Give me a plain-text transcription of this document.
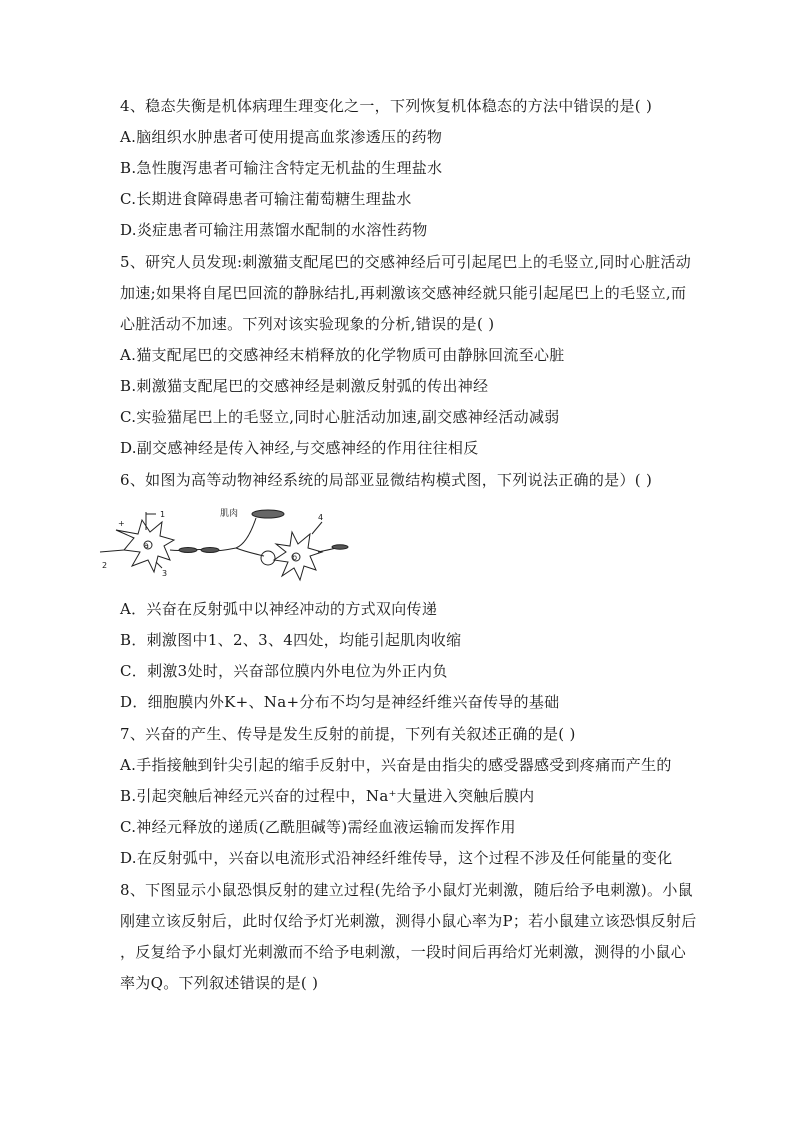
4、稳态失衡是机体病理生理变化之一，下列恢复机体稳态的方法中错误的是( )
A.脑组织水肿患者可使用提高血浆渗透压的药物
B.急性腹泻患者可输注含特定无机盐的生理盐水
C.长期进食障碍患者可输注葡萄糖生理盐水
D.炎症患者可输注用蒸馏水配制的水溶性药物
5、研究人员发现:刺激猫支配尾巴的交感神经后可引起尾巴上的毛竖立,同时心脏活动
加速;如果将自尾巴回流的静脉结扎,再刺激该交感神经就只能引起尾巴上的毛竖立,而
心脏活动不加速。下列对该实验现象的分析,错误的是( )
A.猫支配尾巴的交感神经末梢释放的化学物质可由静脉回流至心脏
B.刺激猫支配尾巴的交感神经是刺激反射弧的传出神经
C.实验猫尾巴上的毛竖立,同时心脏活动加速,副交感神经活动减弱
D.副交感神经是传入神经,与交感神经的作用往往相反
6、如图为高等动物神经系统的局部亚显微结构模式图，下列说法正确的是）( )
肌肉
1
2
3
4
a
b
+
A．兴奋在反射弧中以神经冲动的方式双向传递
B．刺激图中1、2、3、4四处，均能引起肌肉收缩
C．刺激3处时，兴奋部位膜内外电位为外正内负
D．细胞膜内外K+、Na+分布不均匀是神经纤维兴奋传导的基础
7、兴奋的产生、传导是发生反射的前提，下列有关叙述正确的是( )
A.手指接触到针尖引起的缩手反射中，兴奋是由指尖的感受器感受到疼痛而产生的
B.引起突触后神经元兴奋的过程中，Na⁺大量进入突触后膜内
C.神经元释放的递质(乙酰胆碱等)需经血液运输而发挥作用
D.在反射弧中，兴奋以电流形式沿神经纤维传导，这个过程不涉及任何能量的变化
8、下图显示小鼠恐惧反射的建立过程(先给予小鼠灯光刺激，随后给予电刺激)。小鼠
刚建立该反射后，此时仅给予灯光刺激，测得小鼠心率为P；若小鼠建立该恐惧反射后
，反复给予小鼠灯光刺激而不给予电刺激，一段时间后再给灯光刺激，测得的小鼠心
率为Q。下列叙述错误的是( )
